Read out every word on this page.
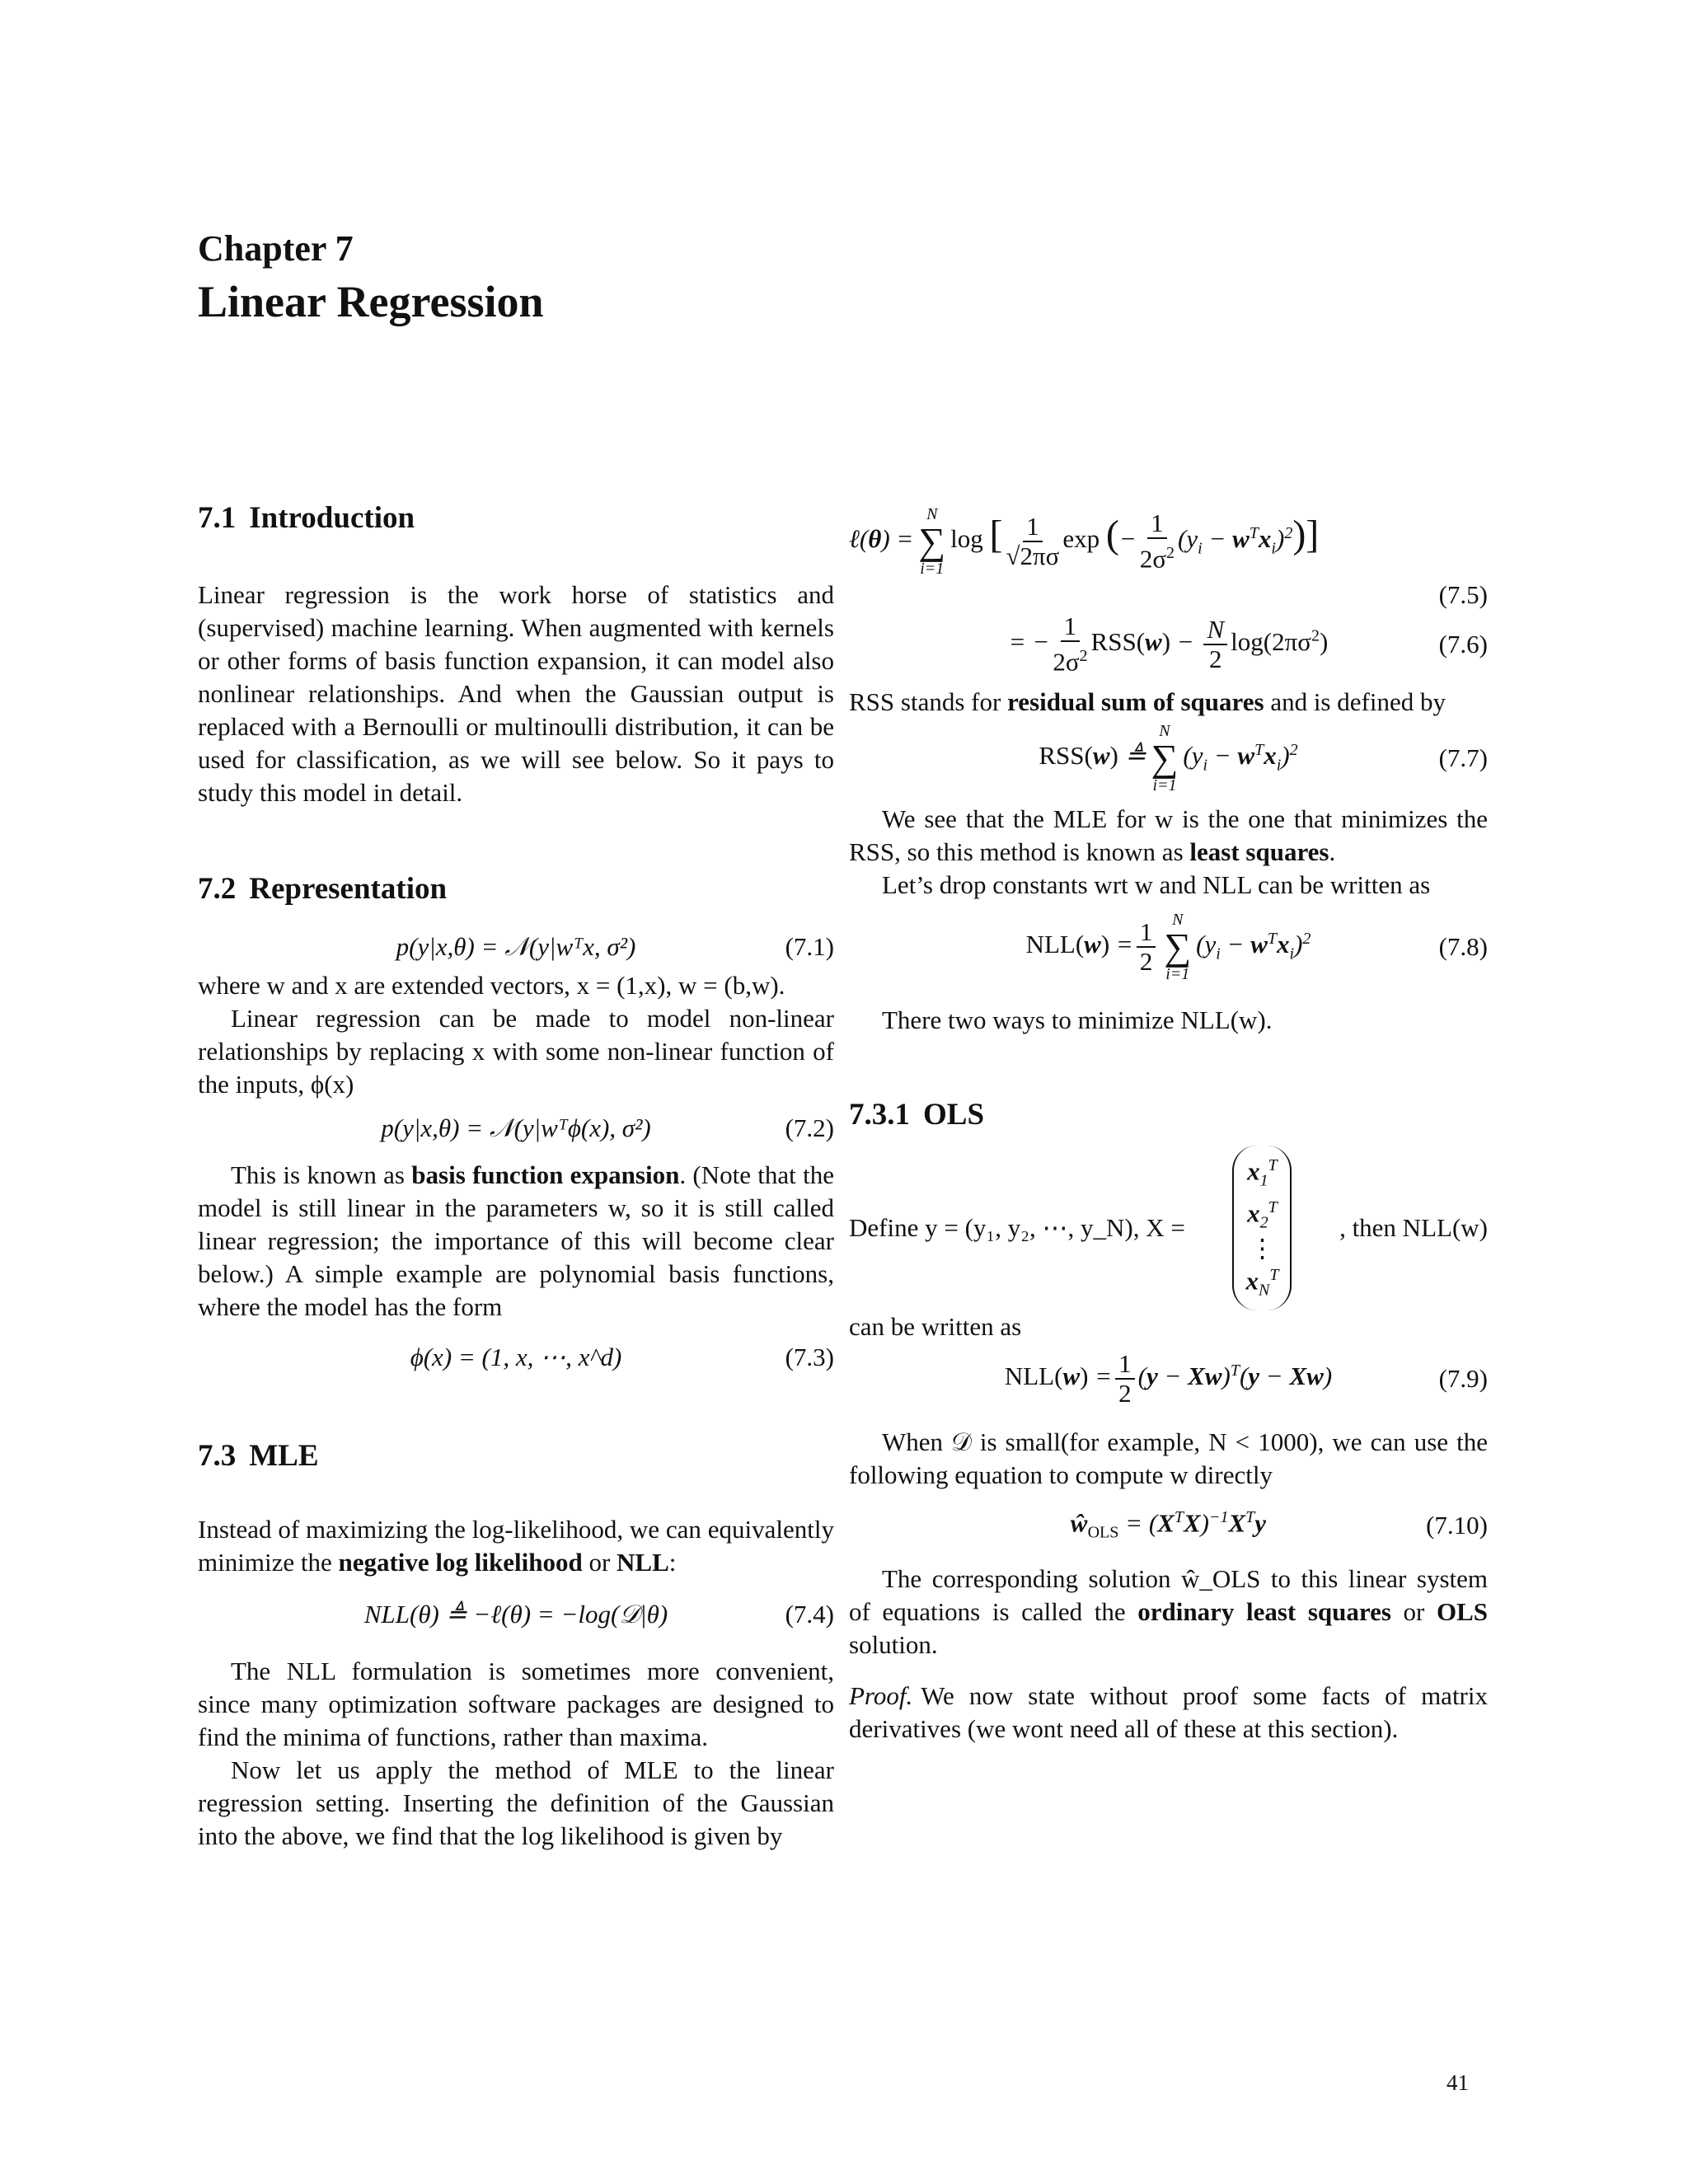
Chapter 7
Linear Regression
7.1 Introduction

Linear regression is the work horse of statistics and (supervised) machine learning. When augmented with kernels or other forms of basis function expansion, it can model also nonlinear relationships. And when the Gaussian output is replaced with a Bernoulli or multinoulli distribution, it can be used for classification, as we will see below. So it pays to study this model in detail.

7.2 Representation
p(y|x,θ) = 𝒩(y|wᵀx, σ²)	(7.1)

where w and x are extended vectors, x = (1,x), w = (b,w).

Linear regression can be made to model non-linear relationships by replacing x with some non-linear function of the inputs, ϕ(x)

p(y|x,θ) = 𝒩(y|wᵀϕ(x), σ²)	(7.2)

This is known as basis function expansion. (Note that the model is still linear in the parameters w, so it is still called linear regression; the importance of this will become clear below.) A simple example are polynomial basis functions, where the model has the form

ϕ(x) = (1, x, ⋯, x^d)	(7.3)
7.3 MLE

Instead of maximizing the log-likelihood, we can equivalently minimize the negative log likelihood or NLL:

NLL(θ) ≜ −ℓ(θ) = −log(𝒟|θ)	(7.4)

The NLL formulation is sometimes more convenient, since many optimization software packages are designed to find the minima of functions, rather than maxima.

Now let us apply the method of MLE to the linear regression setting. Inserting the definition of the Gaussian into the above, we find that the log likelihood is given by

ℓ(θ) =
N
∑
i=1
log [ $\frac{1}{√2\pi\sigma}$ exp (− $\frac{1}{2\sigma^2} (y_i - w^Tx_i)^2$)]
(7.5)
= − $\frac{1}{2\sigma^2} RSS(w) - \frac{N}{2} \log(2\pi\sigma^2)$	(7.6)

RSS stands for residual sum of squares and is defined by

RSS(w) ≜
N
∑
i=1
$(y_i - w^Tx_i)^2$	(7.7)

We see that the MLE for w is the one that minimizes the RSS, so this method is known as least squares.

Let’s drop constants wrt w and NLL can be written as

$NLL(w) = \frac{1}{2}$ N
∑
i=1
$(y_i - w^Tx_i)^2$	(7.8)

There two ways to minimize NLL(w).

7.3.1 OLS
Define y = (y₁, y₂, ⋯, y_N), X =
$x_1^T$
$x_2^T$
⋮
$x_N^T$
, then NLL(w)

can be written as

$NLL(w) = \frac{1}{2} (y - Xw)^T(y - Xw)$	(7.9)

When 𝒟 is small(for example, N < 1000), we can use the following equation to compute w directly

$ŵ_{OLS} = (X^TX)^{-1}X^Ty$	(7.10)

The corresponding solution ŵ_OLS to this linear system of equations is called the ordinary least squares or OLS solution.

Proof. We now state without proof some facts of matrix derivatives (we wont need all of these at this section).

41
